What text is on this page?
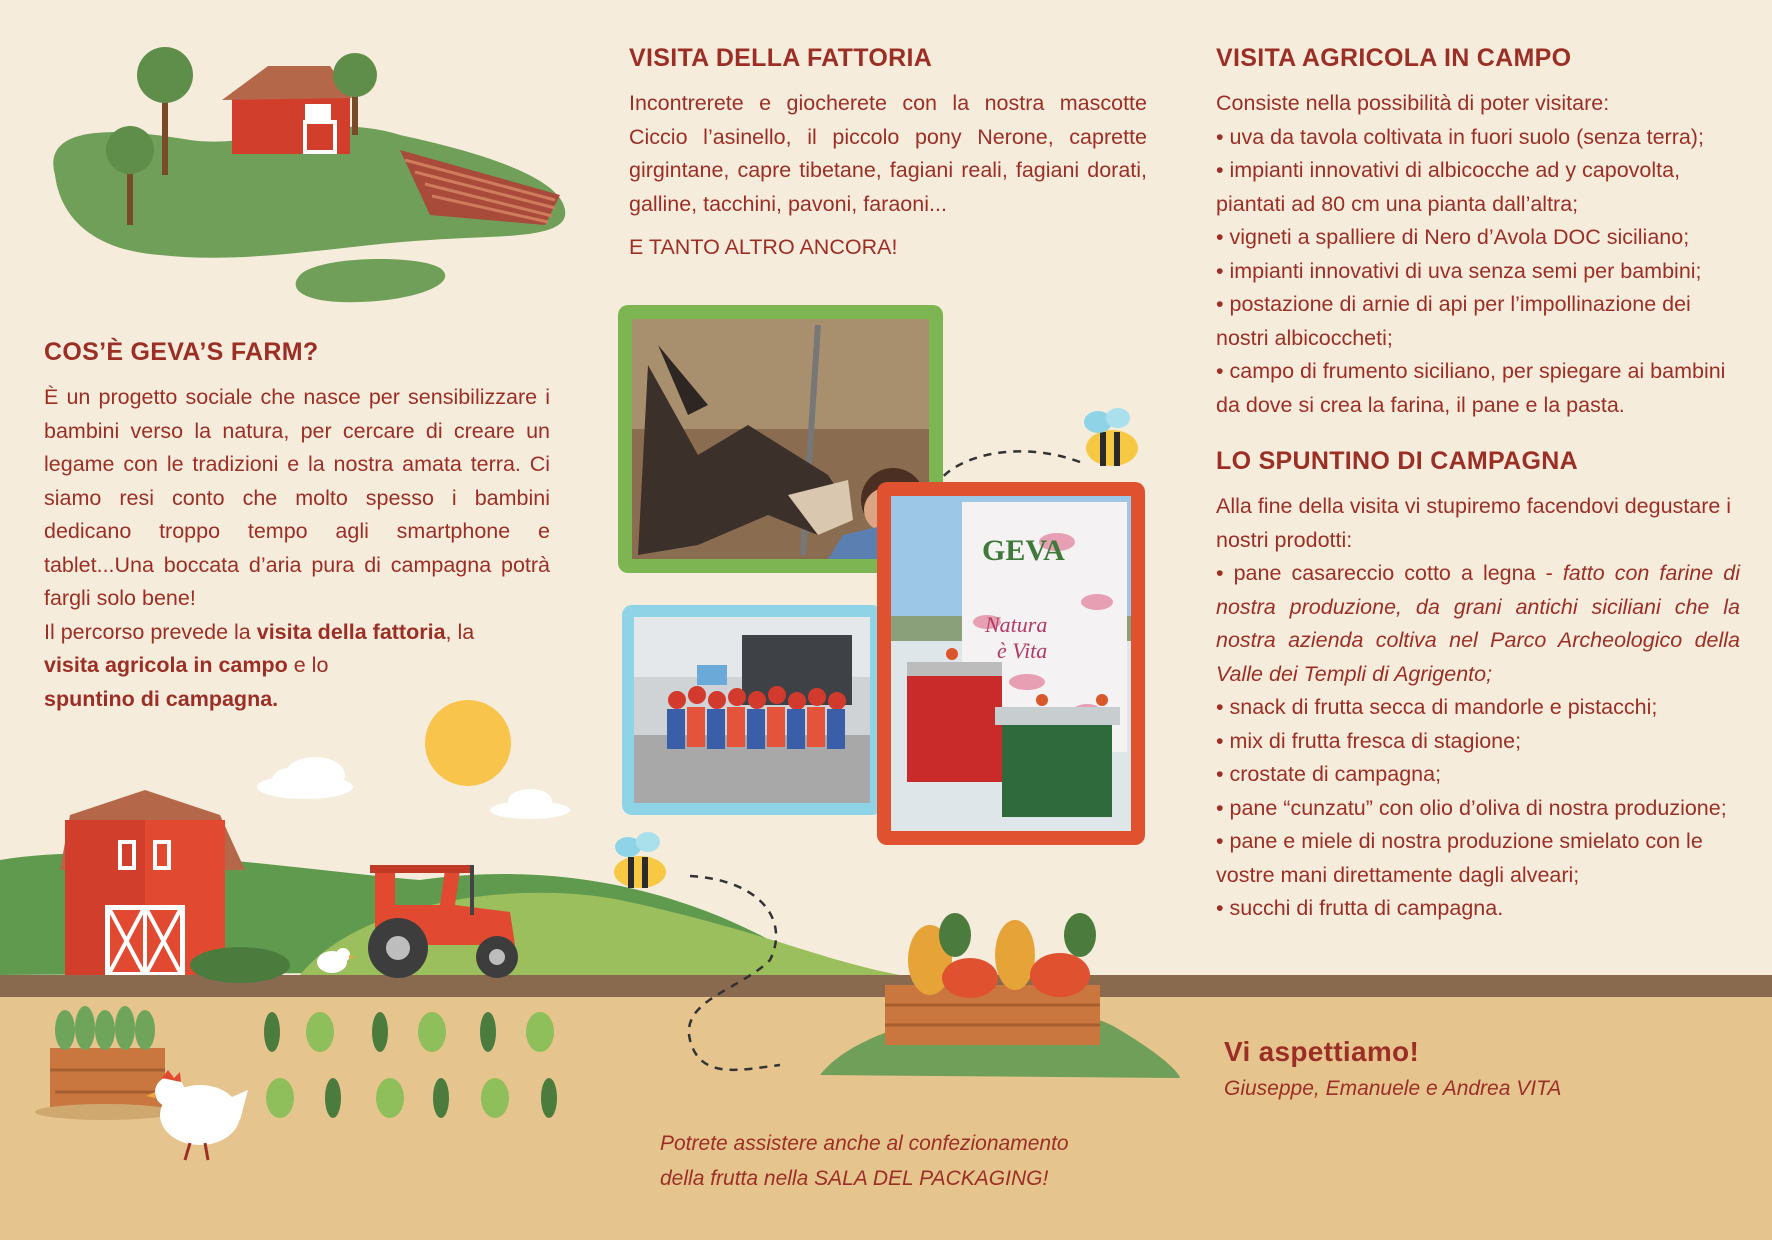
GEVA
Natura
è Vita
COS’È GEVA’S FARM?
È un progetto sociale che nasce per sensibilizzare i bambini verso la natura, per cercare di creare un legame con le tradizioni e la nostra amata terra. Ci siamo resi conto che molto spesso i bambini dedicano troppo tempo agli smartphone e tablet...Una boccata d’aria pura di campagna potrà fargli solo bene!
Il percorso prevede la visita della fattoria, la
visita agricola in campo e lo
spuntino di campagna.
VISITA DELLA FATTORIA
Incontrerete e giocherete con la nostra mascotte Ciccio l’asinello, il piccolo pony Nerone, caprette girgintane, capre tibetane, fagiani reali, fagiani dorati, galline, tacchini, pavoni, faraoni...
E TANTO ALTRO ANCORA!
Potrete assistere anche al confezionamento
della frutta nella SALA DEL PACKAGING!
VISITA AGRICOLA IN CAMPO
Consiste nella possibilità di poter visitare:
• uva da tavola coltivata in fuori suolo (senza terra);
• impianti innovativi di albicocche ad y capovolta, piantati ad 80 cm una pianta dall’altra;
• vigneti a spalliere di Nero d’Avola DOC siciliano;
• impianti innovativi di uva senza semi per bambini;
• postazione di arnie di api per l’impollinazione dei nostri albicoccheti;
• campo di frumento siciliano, per spiegare ai bambini da dove si crea la farina, il pane e la pasta.
LO SPUNTINO DI CAMPAGNA
Alla fine della visita vi stupiremo facendovi degustare i nostri prodotti:
• pane casareccio cotto a legna - fatto con farine di nostra produzione, da grani antichi siciliani che la nostra azienda coltiva nel Parco Archeologico della Valle dei Templi di Agrigento;
• snack di frutta secca di mandorle e pistacchi;
• mix di frutta fresca di stagione;
• crostate di campagna;
• pane “cunzatu” con olio d’oliva di nostra produzione;
• pane e miele di nostra produzione smielato con le vostre mani direttamente dagli alveari;
• succhi di frutta di campagna.
Vi aspettiamo!
Giuseppe, Emanuele e Andrea VITA
